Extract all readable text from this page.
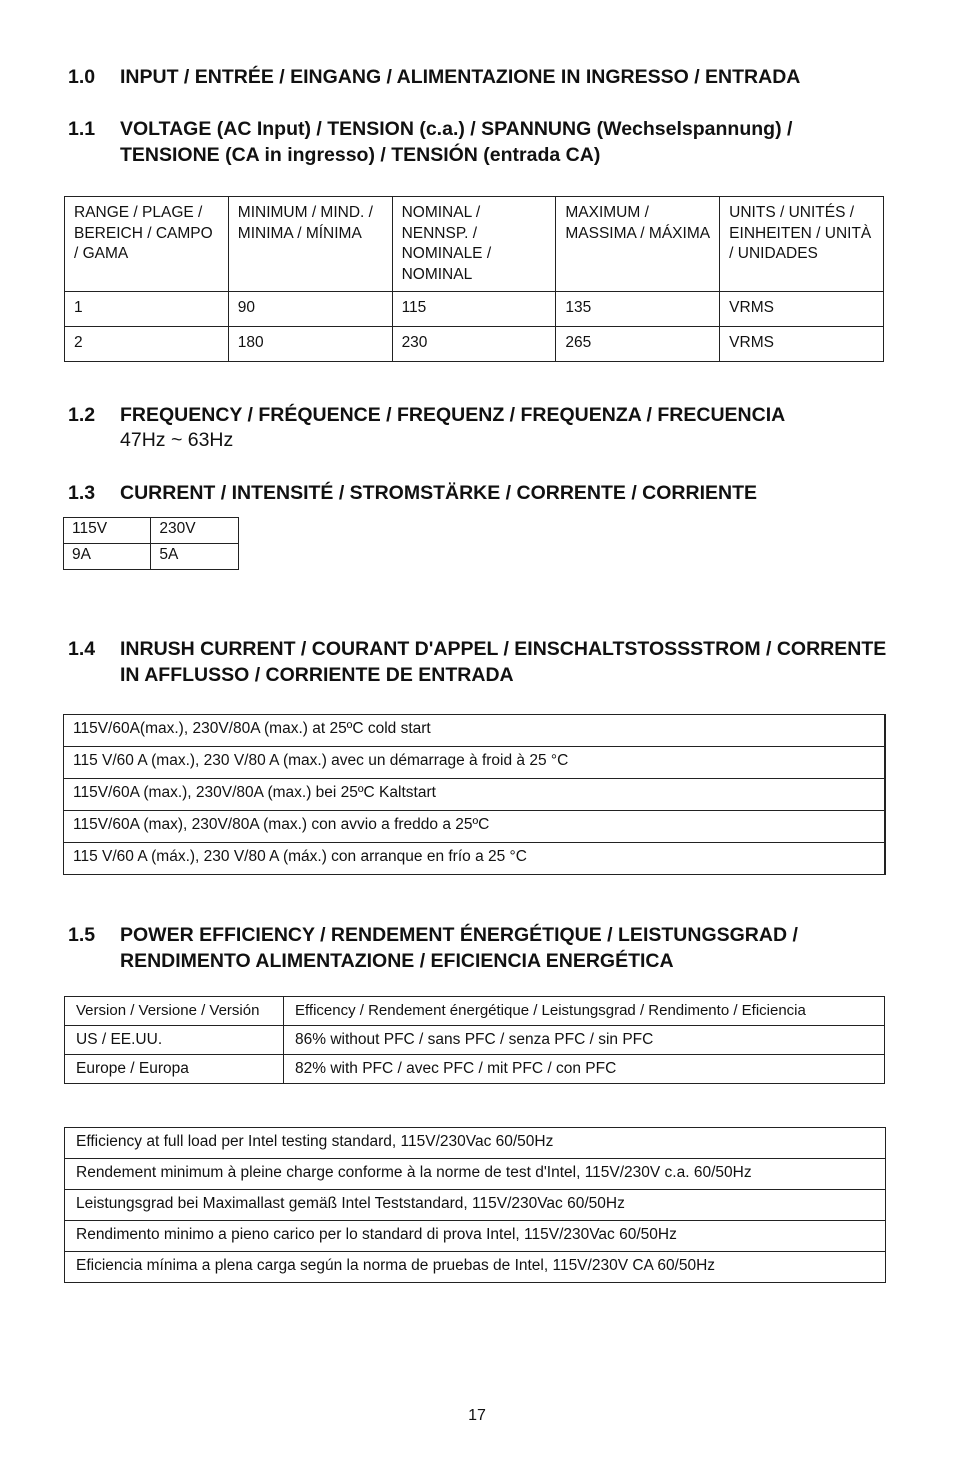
1.0	INPUT / ENTRÉE / EINGANG / ALIMENTAZIONE IN INGRESSO / ENTRADA
1.1	VOLTAGE (AC Input) / TENSION (c.a.) / SPANNUNG (Wechselspannung) / TENSIONE (CA in ingresso) / TENSIÓN (entrada CA)
RANGE / PLAGE / BEREICH / CAMPO / GAMA	MINIMUM / MIND. / MINIMA / MÍNIMA	NOMINAL / NENNSP. / NOMINALE / NOMINAL	MAXIMUM / MASSIMA / MÁXIMA	UNITS / UNITÉS / EINHEITEN / UNITÀ / UNIDADES
1	90	115	135	VRMS
2	180	230	265	VRMS
1.2	FREQUENCY / FRÉQUENCE / FREQUENZ / FREQUENZA / FRECUENCIA
47Hz ~ 63Hz
1.3	CURRENT / INTENSITÉ / STROMSTÄRKE / CORRENTE / CORRIENTE
115V	230V
9A	5A
1.4	INRUSH CURRENT / COURANT D'APPEL / EINSCHALTSTOSSSTROM / CORRENTE IN AFFLUSSO / CORRIENTE DE ENTRADA
115V/60A(max.), 230V/80A (max.) at 25ºC cold start
115 V/60 A (max.), 230 V/80 A (max.) avec un démarrage à froid à 25 °C
115V/60A (max.), 230V/80A (max.) bei 25ºC Kaltstart
115V/60A (max), 230V/80A (max.) con avvio a freddo a 25ºC
115 V/60 A (máx.), 230 V/80 A (máx.) con arranque en frío a 25 °C
1.5	POWER EFFICIENCY / RENDEMENT ÉNERGÉTIQUE / LEISTUNGSGRAD / RENDIMENTO ALIMENTAZIONE / EFICIENCIA ENERGÉTICA
Version / Versione / Versión	Efficency / Rendement énergétique / Leistungsgrad / Rendimento / Eficiencia
US / EE.UU.	86% without PFC / sans PFC / senza PFC / sin PFC
Europe / Europa	82% with PFC / avec PFC / mit PFC / con PFC
Efficiency at full load per Intel testing standard, 115V/230Vac 60/50Hz
Rendement minimum à pleine charge conforme à la norme de test d'Intel, 115V/230V c.a. 60/50Hz
Leistungsgrad bei Maximallast gemäß Intel Teststandard, 115V/230Vac 60/50Hz
Rendimento minimo a pieno carico per lo standard di prova Intel, 115V/230Vac 60/50Hz
Eficiencia mínima a plena carga según la norma de pruebas de Intel, 115V/230V CA 60/50Hz
17
